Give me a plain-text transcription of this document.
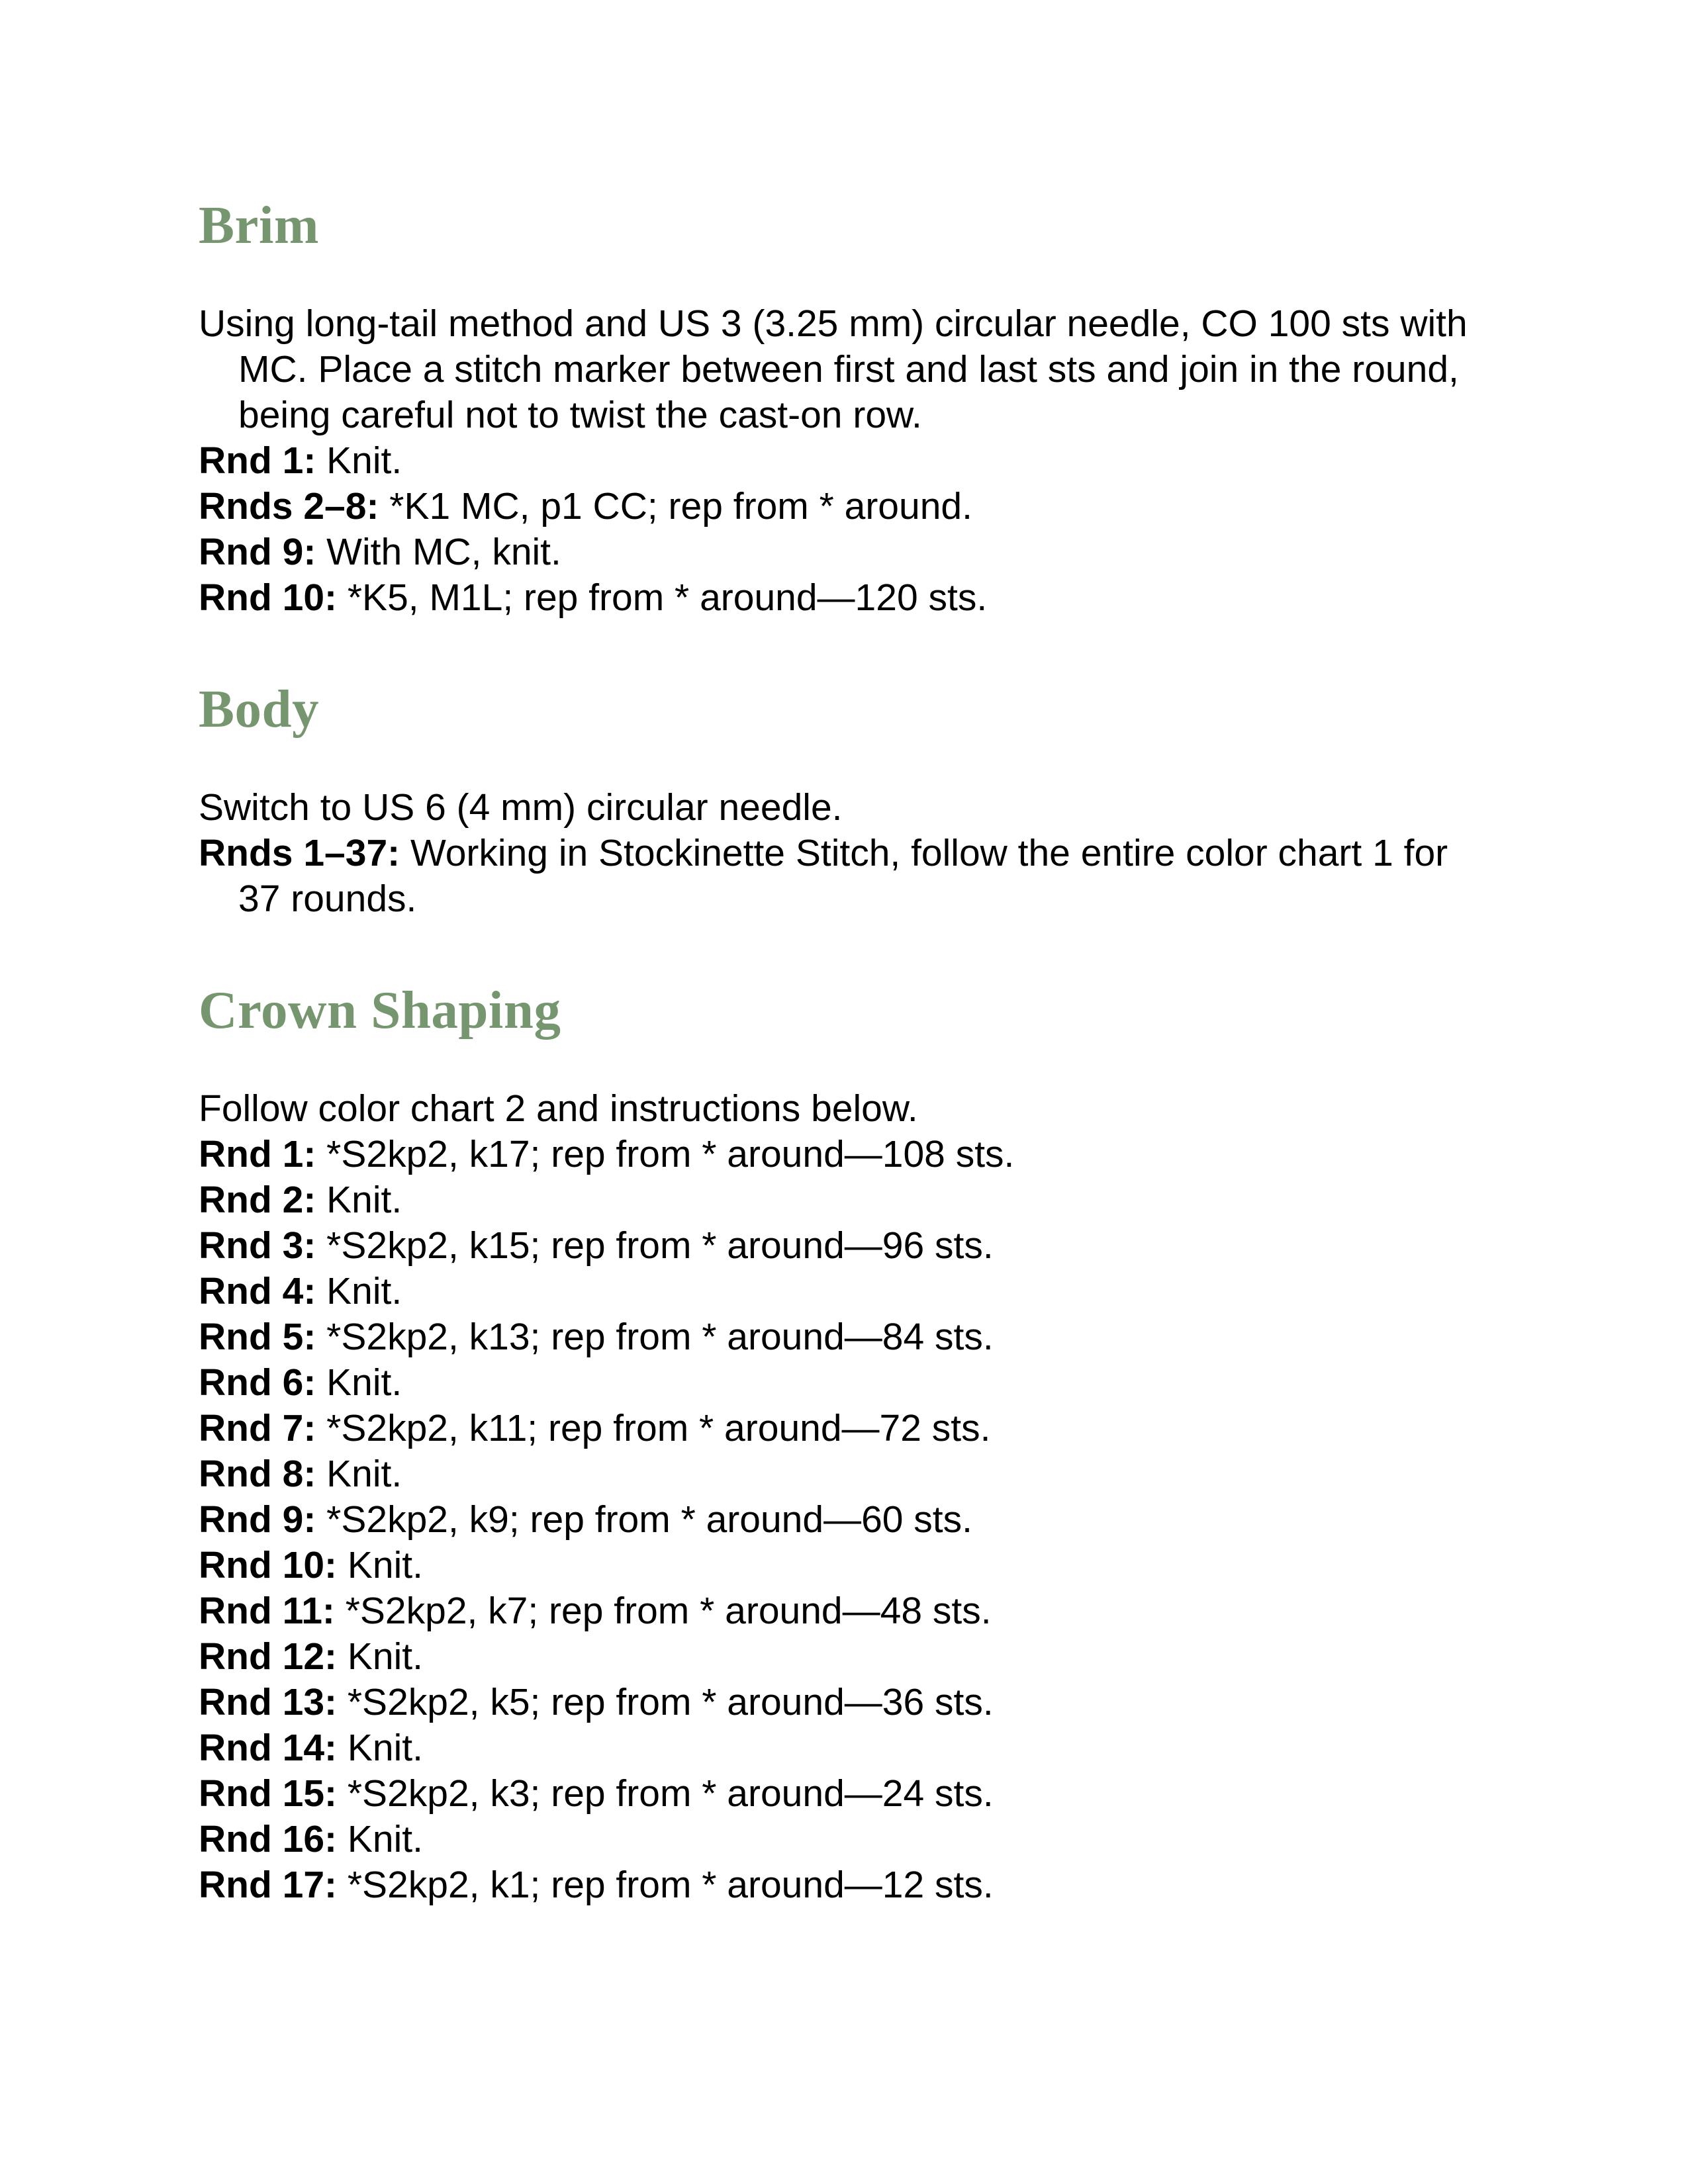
Brim

Using long-tail method and US 3 (3.25 mm) circular needle, CO 100 sts with MC. Place a stitch marker between first and last sts and join in the round, being careful not to twist the cast-on row.

Rnd 1: Knit.

Rnds 2–8: *K1 MC, p1 CC; rep from * around.

Rnd 9: With MC, knit.

Rnd 10: *K5, M1L; rep from * around—120 sts.

Body

Switch to US 6 (4 mm) circular needle.

Rnds 1–37: Working in Stockinette Stitch, follow the entire color chart 1 for 37 rounds.

Crown Shaping

Follow color chart 2 and instructions below.

Rnd 1: *S2kp2, k17; rep from * around—108 sts.

Rnd 2: Knit.

Rnd 3: *S2kp2, k15; rep from * around—96 sts.

Rnd 4: Knit.

Rnd 5: *S2kp2, k13; rep from * around—84 sts.

Rnd 6: Knit.

Rnd 7: *S2kp2, k11; rep from * around—72 sts.

Rnd 8: Knit.

Rnd 9: *S2kp2, k9; rep from * around—60 sts.

Rnd 10: Knit.

Rnd 11: *S2kp2, k7; rep from * around—48 sts.

Rnd 12: Knit.

Rnd 13: *S2kp2, k5; rep from * around—36 sts.

Rnd 14: Knit.

Rnd 15: *S2kp2, k3; rep from * around—24 sts.

Rnd 16: Knit.

Rnd 17: *S2kp2, k1; rep from * around—12 sts.
